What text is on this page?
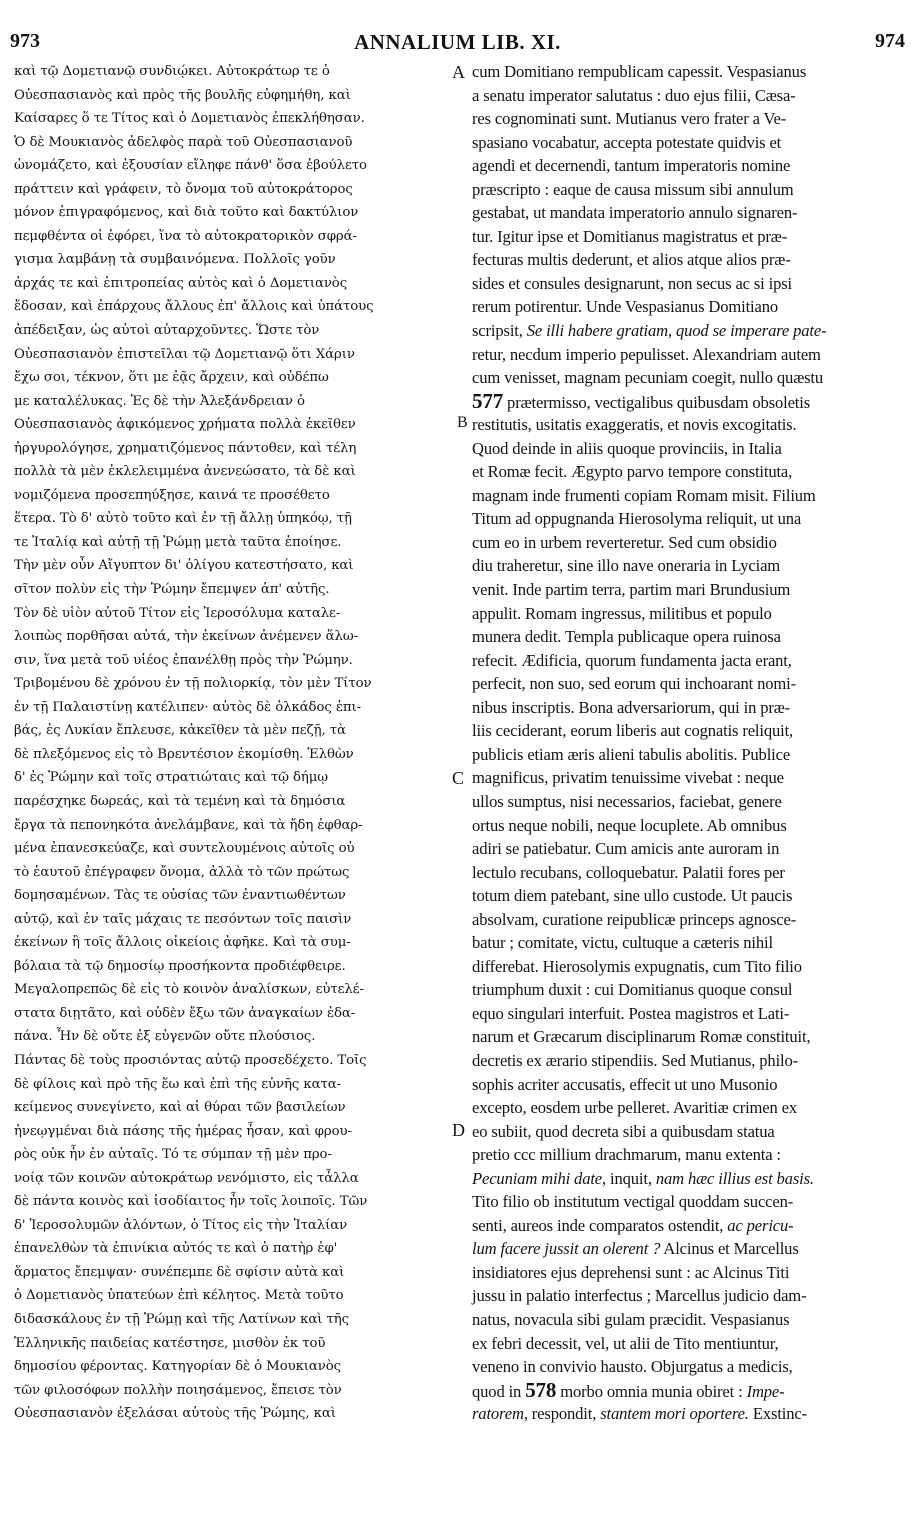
973	ANNALIUM LIB. XI.	974
καὶ τῷ Δομετιανῷ συνδιῴκει. Αὐτοκράτωρ τε ὁ
Οὐεσπασιανὸς καὶ πρὸς τῆς βουλῆς εὐφημήθη, καὶ
Καίσαρες ὅ τε Τίτος καὶ ὁ Δομετιανὸς ἐπεκλήθησαν.
Ὁ δὲ Μουκιανὸς ἀδελφὸς παρὰ τοῦ Οὐεσπασιανοῦ
ὠνομάζετο, καὶ ἐξουσίαν εἴληφε πάνθ' ὅσα ἐβούλετο
πράττειν καὶ γράφειν, τὸ ὄνομα τοῦ αὐτοκράτορος
μόνον ἐπιγραφόμενος, καὶ διὰ τοῦτο καὶ δακτύλιον
πεμφθέντα οἱ ἐφόρει, ἵνα τὸ αὐτοκρατορικὸν σφρά-
γισμα λαμβάνῃ τὰ συμβαινόμενα. Πολλοῖς γοῦν
ἀρχάς τε καὶ ἐπιτροπείας αὐτὸς καὶ ὁ Δομετιανὸς
ἔδοσαν, καὶ ἐπάρχους ἄλλους ἐπ' ἄλλοις καὶ ὑπάτους
ἀπέδειξαν, ὡς αὐτοὶ αὐταρχοῦντες. Ὥστε τὸν
Οὐεσπασιανὸν ἐπιστεῖλαι τῷ Δομετιανῷ ὅτι Χάριν
ἔχω σοι, τέκνον, ὅτι με ἐᾷς ἄρχειν, καὶ οὐδέπω
με καταλέλυκας. Ἐς δὲ τὴν Ἀλεξάνδρειαν ὁ
Οὐεσπασιανὸς ἀφικόμενος χρήματα πολλὰ ἐκεῖθεν
ἠργυρολόγησε, χρηματιζόμενος πάντοθεν, καὶ τέλη
πολλὰ τὰ μὲν ἐκλελειμμένα ἀνενεώσατο, τὰ δὲ καὶ
νομιζόμενα προσεπηύξησε, καινά τε προσέθετο
ἕτερα. Τὸ δ' αὐτὸ τοῦτο καὶ ἐν τῇ ἄλλῃ ὑπηκόῳ, τῇ
τε Ἰταλίᾳ καὶ αὐτῇ τῇ Ῥώμῃ μετὰ ταῦτα ἐποίησε.
Τὴν μὲν οὖν Αἴγυπτον δι' ὀλίγου κατεστήσατο, καὶ
σῖτον πολὺν εἰς τὴν Ῥώμην ἔπεμψεν ἀπ' αὐτῆς.
Τὸν δὲ υἱὸν αὐτοῦ Τίτον εἰς Ἱεροσόλυμα καταλε-
λοιπὼς πορθῆσαι αὐτά, τὴν ἐκείνων ἀνέμενεν ἅλω-
σιν, ἵνα μετὰ τοῦ υἱέος ἐπανέλθῃ πρὸς τὴν Ῥώμην.
Τριβομένου δὲ χρόνου ἐν τῇ πολιορκίᾳ, τὸν μὲν Τίτον
ἐν τῇ Παλαιστίνῃ κατέλιπεν· αὐτὸς δὲ ὁλκάδος ἐπι-
βάς, ἐς Λυκίαν ἔπλευσε, κἀκεῖθεν τὰ μὲν πεζῇ, τὰ
δὲ πλεξόμενος εἰς τὸ Βρεντέσιον ἐκομίσθη. Ἐλθὼν
δ' ἐς Ῥώμην καὶ τοῖς στρατιώταις καὶ τῷ δήμῳ
παρέσχηκε δωρεάς, καὶ τὰ τεμένη καὶ τὰ δημόσια
ἔργα τὰ πεπονηκότα ἀνελάμβανε, καὶ τὰ ἤδη ἐφθαρ-
μένα ἐπανεσκεύαζε, καὶ συντελουμένοις αὐτοῖς οὐ
τὸ ἑαυτοῦ ἐπέγραφεν ὄνομα, ἀλλὰ τὸ τῶν πρώτως
δομησαμένων. Τὰς τε οὐσίας τῶν ἐναντιωθέντων
αὐτῷ, καὶ ἐν ταῖς μάχαις τε πεσόντων τοῖς παισὶν
ἐκείνων ἢ τοῖς ἄλλοις οἰκείοις ἀφῆκε. Καὶ τὰ συμ-
βόλαια τὰ τῷ δημοσίῳ προσήκοντα προδιέφθειρε.
Μεγαλοπρεπῶς δὲ εἰς τὸ κοινὸν ἀναλίσκων, εὐτελέ-
στατα διῃτᾶτο, καὶ οὐδὲν ἔξω τῶν ἀναγκαίων ἐδα-
πάνα. Ἦν δὲ οὔτε ἐξ εὐγενῶν οὔτε πλούσιος.
Πάντας δὲ τοὺς προσιόντας αὐτῷ προσεδέχετο. Τοῖς
δὲ φίλοις καὶ πρὸ τῆς ἕω καὶ ἐπὶ τῆς εὐνῆς κατα-
κείμενος συνεγίνετο, καὶ αἱ θύραι τῶν βασιλείων
ἠνεῳγμέναι διὰ πάσης τῆς ἡμέρας ἦσαν, καὶ φρου-
ρὸς οὐκ ἦν ἐν αὐταῖς. Τό τε σύμπαν τῇ μὲν προ-
νοίᾳ τῶν κοινῶν αὐτοκράτωρ νενόμιστο, εἰς τἆλλα
δὲ πάντα κοινὸς καὶ ἰσοδίαιτος ἦν τοῖς λοιποῖς. Τῶν
δ' Ἱεροσολυμῶν ἁλόντων, ὁ Τίτος εἰς τὴν Ἰταλίαν
ἐπανελθὼν τὰ ἐπινίκια αὐτός τε καὶ ὁ πατὴρ ἐφ'
ἅρματος ἔπεμψαν· συνέπεμπε δὲ σφίσιν αὐτὰ καὶ
ὁ Δομετιανὸς ὑπατεύων ἐπὶ κέλητος. Μετὰ τοῦτο
διδασκάλους ἐν τῇ Ῥώμῃ καὶ τῆς Λατίνων καὶ τῆς
Ἑλληνικῆς παιδείας κατέστησε, μισθὸν ἐκ τοῦ
δημοσίου φέροντας. Κατηγορίαν δὲ ὁ Μουκιανὸς
τῶν φιλοσόφων πολλὴν ποιησάμενος, ἔπεισε τὸν
Οὐεσπασιανὸν ἐξελάσαι αὐτοὺς τῆς Ῥώμης, καὶ
cum Domitiano rempublicam capessit. Vespasianus
a senatu imperator salutatus : duo ejus filii, Cæsa-
res cognominati sunt. Mutianus vero frater a Ve-
spasiano vocabatur, accepta potestate quidvis et
agendi et decernendi, tantum imperatoris nomine
præscripto : eaque de causa missum sibi annulum
gestabat, ut mandata imperatorio annulo signaren-
tur. Igitur ipse et Domitianus magistratus et præ-
fecturas multis dederunt, et alios atque alios præ-
sides et consules designarunt, non secus ac si ipsi
rerum potirentur. Unde Vespasianus Domitiano
scripsit, Se illi habere gratiam, quod se imperare pate-
retur, necdum imperio pepulisset. Alexandriam autem
cum venisset, magnam pecuniam coegit, nullo quæstu
577 prætermisso, vectigalibus quibusdam obsoletis
restitutis, usitatis exaggeratis, et novis excogitatis.
Quod deinde in aliis quoque provinciis, in Italia
et Romæ fecit. Ægypto parvo tempore constituta,
magnam inde frumenti copiam Romam misit. Filium
Titum ad oppugnanda Hierosolyma reliquit, ut una
cum eo in urbem reverteretur. Sed cum obsidio
diu traheretur, sine illo nave oneraria in Lyciam
venit. Inde partim terra, partim mari Brundusium
appulit. Romam ingressus, militibus et populo
munera dedit. Templa publicaque opera ruinosa
refecit. Ædificia, quorum fundamenta jacta erant,
perfecit, non suo, sed eorum qui inchoarant nomi-
nibus inscriptis. Bona adversariorum, qui in præ-
liis ceciderant, eorum liberis aut cognatis reliquit,
publicis etiam æris alieni tabulis abolitis. Publice
magnificus, privatim tenuissime vivebat : neque
ullos sumptus, nisi necessarios, faciebat, genere
ortus neque nobili, neque locuplete. Ab omnibus
adiri se patiebatur. Cum amicis ante auroram in
lectulo recubans, colloquebatur. Palatii fores per
totum diem patebant, sine ullo custode. Ut paucis
absolvam, curatione reipublicæ princeps agnosce-
batur ; comitate, victu, cultuque a cæteris nihil
differebat. Hierosolymis expugnatis, cum Tito filio
triumphum duxit : cui Domitianus quoque consul
equo singulari interfuit. Postea magistros et Lati-
narum et Græcarum disciplinarum Romæ constituit,
decretis ex ærario stipendiis. Sed Mutianus, philo-
sophis acriter accusatis, effecit ut uno Musonio
excepto, eosdem urbe pelleret. Avaritiæ crimen ex
eo subiit, quod decreta sibi a quibusdam statua
pretio ccc millium drachmarum, manu extenta :
Pecuniam mihi date, inquit, nam hæc illius est basis.
Tito filio ob institutum vectigal quoddam succen-
senti, aureos inde comparatos ostendit, ac pericu-
lum facere jussit an olerent ? Alcinus et Marcellus
insidiatores ejus deprehensi sunt : ac Alcinus Titi
jussu in palatio interfectus ; Marcellus judicio dam-
natus, novacula sibi gulam præcidit. Vespasianus
ex febri decessit, vel, ut alii de Tito mentiuntur,
veneno in convivio hausto. Objurgatus a medicis,
quod in 578 morbo omnia munia obiret : Impe-
ratorem, respondit, stantem mori oportere. Exstinc-
A
B
C
D
